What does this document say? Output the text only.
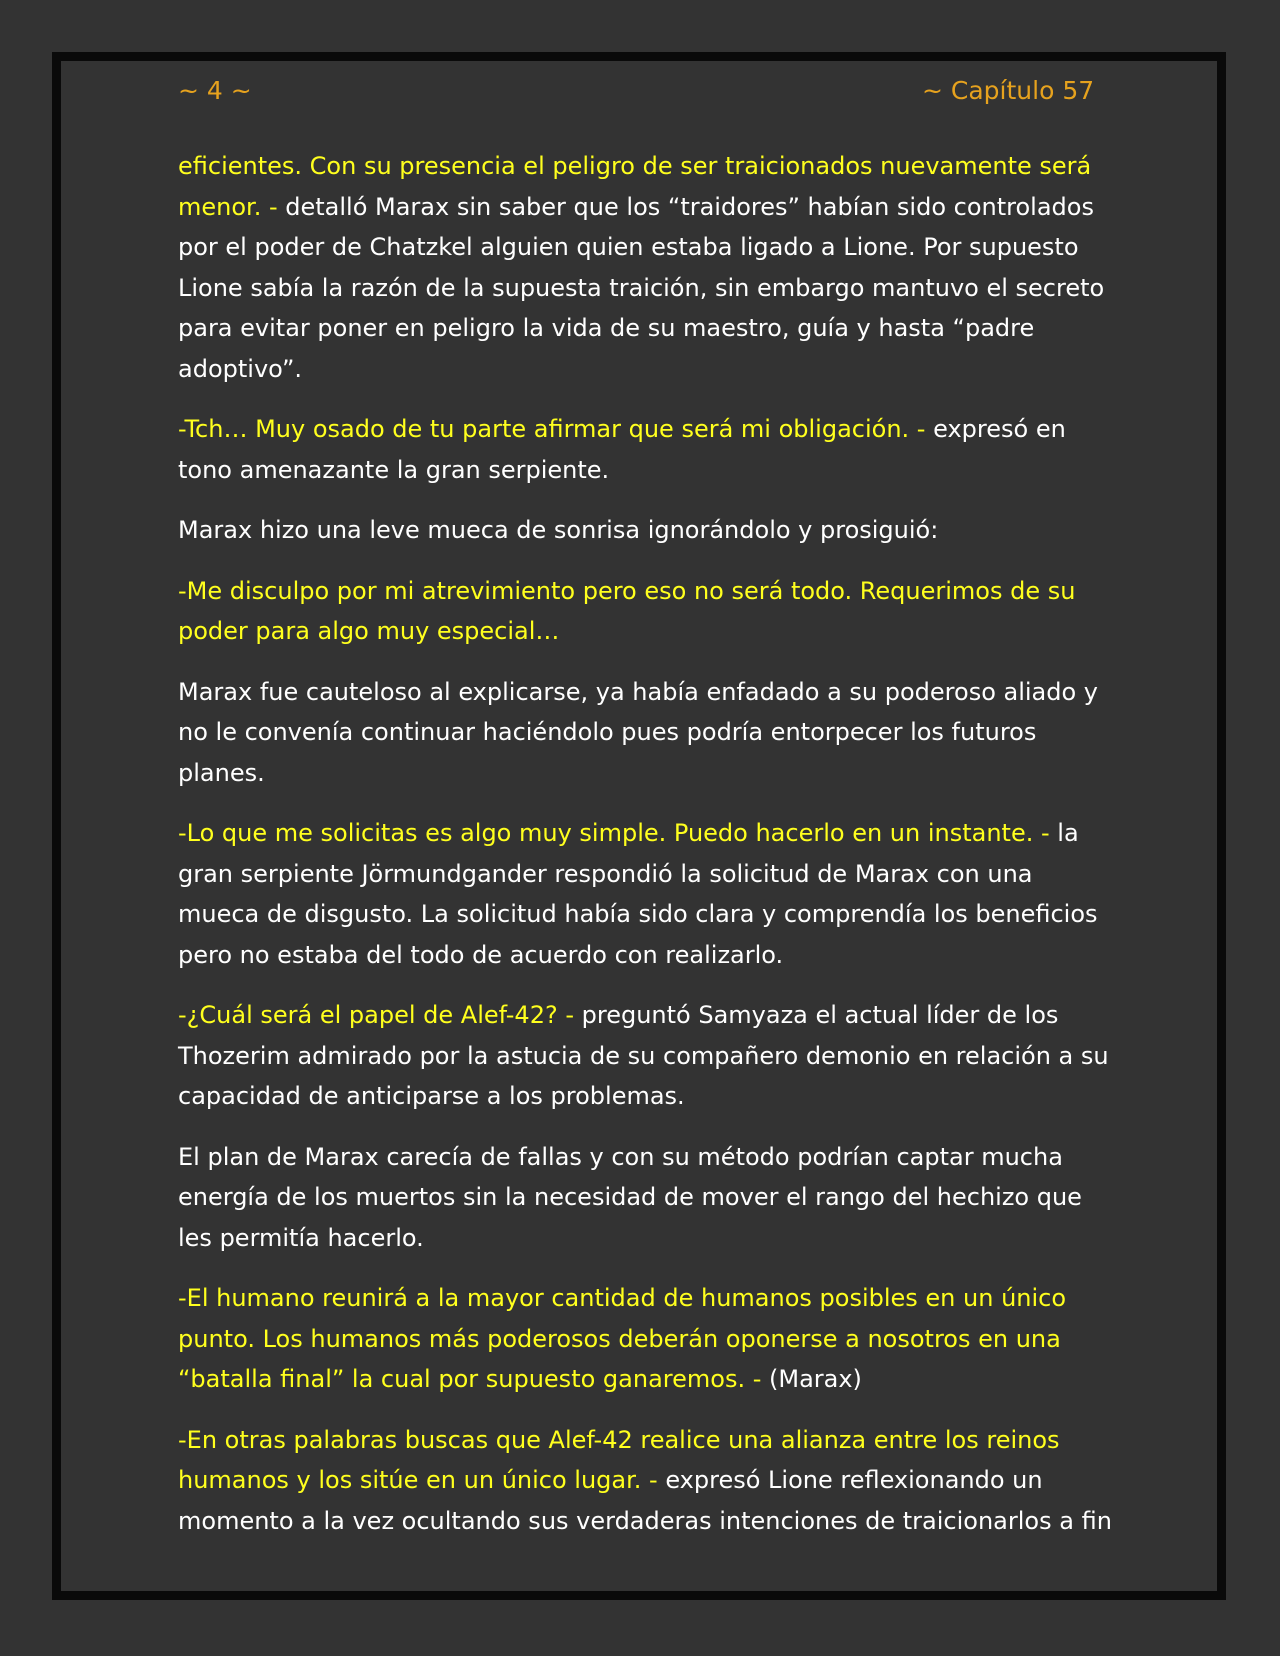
~ 4 ~	~ Capítulo 57

eficientes. Con su presencia el peligro de ser traicionados nuevamente será menor. - detalló Marax sin saber que los “traidores” habían sido controlados por el poder de Chatzkel alguien quien estaba ligado a Lione. Por supuesto Lione sabía la razón de la supuesta traición, sin embargo mantuvo el secreto para evitar poner en peligro la vida de su maestro, guía y hasta “padre adoptivo”.

-Tch… Muy osado de tu parte afirmar que será mi obligación. - expresó en tono amenazante la gran serpiente.

Marax hizo una leve mueca de sonrisa ignorándolo y prosiguió:

-Me disculpo por mi atrevimiento pero eso no será todo. Requerimos de su poder para algo muy especial…

Marax fue cauteloso al explicarse, ya había enfadado a su poderoso aliado y no le convenía continuar haciéndolo pues podría entorpecer los futuros planes.

-Lo que me solicitas es algo muy simple. Puedo hacerlo en un instante. - la gran serpiente Jörmundgander respondió la solicitud de Marax con una mueca de disgusto. La solicitud había sido clara y comprendía los beneficios pero no estaba del todo de acuerdo con realizarlo.

-¿Cuál será el papel de Alef-42? - preguntó Samyaza el actual líder de los Thozerim admirado por la astucia de su compañero demonio en relación a su capacidad de anticiparse a los problemas.

El plan de Marax carecía de fallas y con su método podrían captar mucha energía de los muertos sin la necesidad de mover el rango del hechizo que les permitía hacerlo.

-El humano reunirá a la mayor cantidad de humanos posibles en un único punto. Los humanos más poderosos deberán oponerse a nosotros en una “batalla final” la cual por supuesto ganaremos. - (Marax)

-En otras palabras buscas que Alef-42 realice una alianza entre los reinos humanos y los sitúe en un único lugar. - expresó Lione reflexionando un momento a la vez ocultando sus verdaderas intenciones de traicionarlos a fin
